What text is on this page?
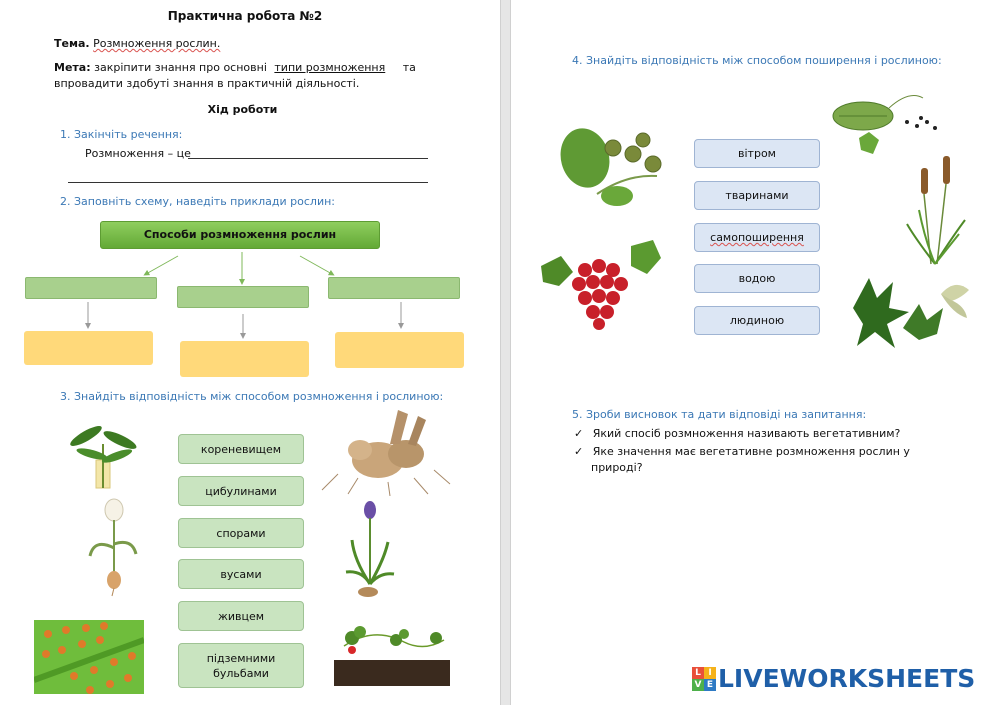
Практична робота №2
Тема. Розмноження рослин.
Мета: закріпити знання про основні типи розмноження та
впровадити здобуті знання в практичній діяльності.
Хід роботи
1. Закінчіть речення:
Розмноження – це
2. Заповніть схему, наведіть приклади рослин:
Способи розмноження рослин
3. Знайдіть відповідність між способом розмноження і рослиною:
кореневищем
цибулинами
спорами
вусами
живцем
підземними бульбами
4. Знайдіть відповідність між способом поширення і рослиною:
вітром
тваринами
самопоширення
водою
людиною
5. Зроби висновок та дати відповіді на запитання:
✓ Який спосіб розмноження називають вегетативним?
✓ Яке значення має вегетативне розмноження рослин у
природі?
L I
V E LIVEWORKSHEETS
